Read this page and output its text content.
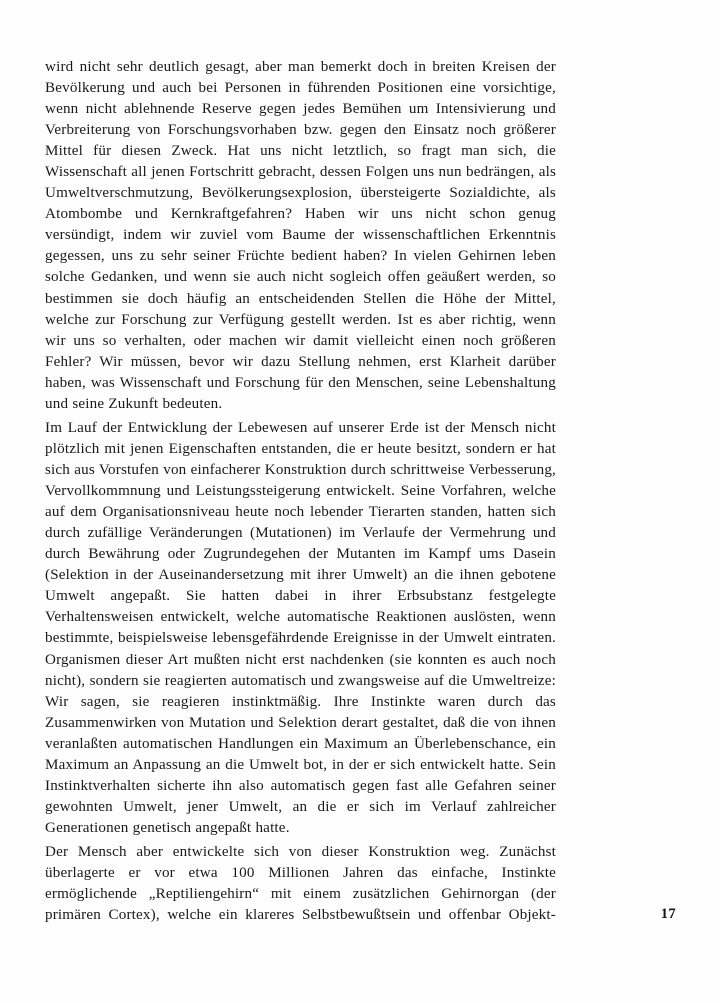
wird nicht sehr deutlich gesagt, aber man bemerkt doch in breiten Kreisen der Bevölkerung und auch bei Personen in führenden Positionen eine vorsichtige, wenn nicht ablehnende Reserve gegen jedes Bemühen um Intensivierung und Verbreiterung von Forschungsvorhaben bzw. gegen den Einsatz noch größerer Mittel für diesen Zweck. Hat uns nicht letztlich, so fragt man sich, die Wissenschaft all jenen Fortschritt gebracht, dessen Folgen uns nun bedrängen, als Umweltverschmutzung, Bevölkerungsexplosion, übersteigerte Sozialdichte, als Atombombe und Kernkraftgefahren? Haben wir uns nicht schon genug versündigt, indem wir zuviel vom Baume der wissenschaftlichen Erkenntnis gegessen, uns zu sehr seiner Früchte bedient haben? In vielen Gehirnen leben solche Gedanken, und wenn sie auch nicht sogleich offen geäußert werden, so bestimmen sie doch häufig an entscheidenden Stellen die Höhe der Mittel, welche zur Forschung zur Verfügung gestellt werden. Ist es aber richtig, wenn wir uns so verhalten, oder machen wir damit vielleicht einen noch größeren Fehler? Wir müssen, bevor wir dazu Stellung nehmen, erst Klarheit darüber haben, was Wissenschaft und Forschung für den Menschen, seine Lebenshaltung und seine Zukunft bedeuten.

Im Lauf der Entwicklung der Lebewesen auf unserer Erde ist der Mensch nicht plötzlich mit jenen Eigenschaften entstanden, die er heute besitzt, sondern er hat sich aus Vorstufen von einfacherer Konstruktion durch schrittweise Verbesserung, Vervollkommnung und Leistungssteigerung entwickelt. Seine Vorfahren, welche auf dem Organisationsniveau heute noch lebender Tierarten standen, hatten sich durch zufällige Veränderungen (Mutationen) im Verlaufe der Vermehrung und durch Bewährung oder Zugrundegehen der Mutanten im Kampf ums Dasein (Selektion in der Auseinandersetzung mit ihrer Umwelt) an die ihnen gebotene Umwelt angepaßt. Sie hatten dabei in ihrer Erbsubstanz festgelegte Verhaltensweisen entwickelt, welche automatische Reaktionen auslösten, wenn bestimmte, beispielsweise lebensgefährdende Ereignisse in der Umwelt eintraten. Organismen dieser Art mußten nicht erst nachdenken (sie konnten es auch noch nicht), sondern sie reagierten automatisch und zwangsweise auf die Umweltreize: Wir sagen, sie reagieren instinktmäßig. Ihre Instinkte waren durch das Zusammenwirken von Mutation und Selektion derart gestaltet, daß die von ihnen veranlaßten automatischen Handlungen ein Maximum an Überlebenschance, ein Maximum an Anpassung an die Umwelt bot, in der er sich entwickelt hatte. Sein Instinktverhalten sicherte ihn also automatisch gegen fast alle Gefahren seiner gewohnten Umwelt, jener Umwelt, an die er sich im Verlauf zahlreicher Generationen genetisch angepaßt hatte.

Der Mensch aber entwickelte sich von dieser Konstruktion weg. Zunächst überlagerte er vor etwa 100 Millionen Jahren das einfache, Instinkte ermöglichende „Reptiliengehirn“ mit einem zusätzlichen Gehirnorgan (der primären Cortex), welche ein klareres Selbstbewußtsein und offenbar Objekt-	17
